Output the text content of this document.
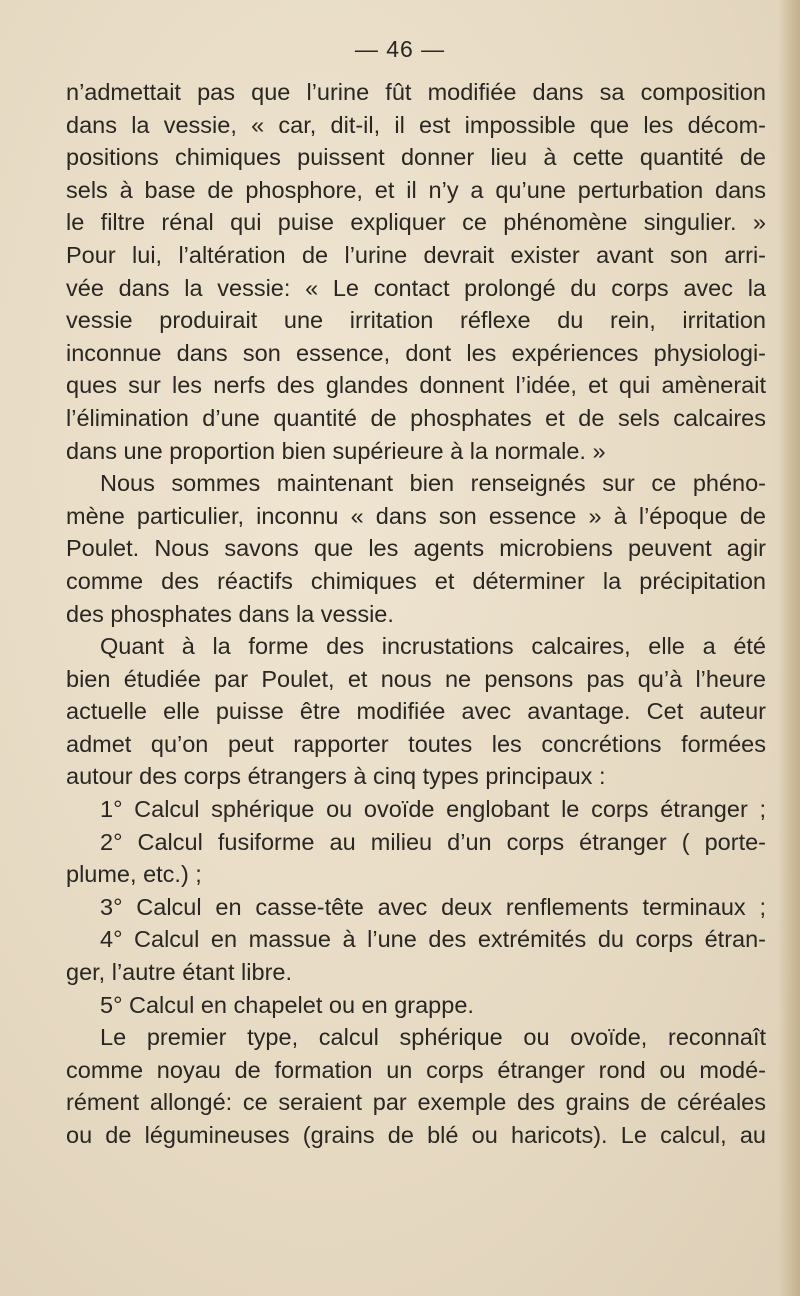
— 46 —
n’admettait pas que l’urine fût modifiée dans sa composition
dans la vessie, « car, dit-il, il est impossible que les décom-
positions chimiques puissent donner lieu à cette quantité de
sels à base de phosphore, et il n’y a qu’une perturbation dans
le filtre rénal qui puise expliquer ce phénomène singulier. »
Pour lui, l’altération de l’urine devrait exister avant son arri-
vée dans la vessie: « Le contact prolongé du corps avec la
vessie produirait une irritation réflexe du rein, irritation
inconnue dans son essence, dont les expériences physiologi-
ques sur les nerfs des glandes donnent l’idée, et qui amènerait
l’élimination d’une quantité de phosphates et de sels calcaires
dans une proportion bien supérieure à la normale. »
Nous sommes maintenant bien renseignés sur ce phéno-
mène particulier, inconnu « dans son essence » à l’époque de
Poulet. Nous savons que les agents microbiens peuvent agir
comme des réactifs chimiques et déterminer la précipitation
des phosphates dans la vessie.
Quant à la forme des incrustations calcaires, elle a été
bien étudiée par Poulet, et nous ne pensons pas qu’à l’heure
actuelle elle puisse être modifiée avec avantage. Cet auteur
admet qu’on peut rapporter toutes les concrétions formées
autour des corps étrangers à cinq types principaux :
1° Calcul sphérique ou ovoïde englobant le corps étranger ;
2° Calcul fusiforme au milieu d’un corps étranger ( porte-
plume, etc.) ;
3° Calcul en casse-tête avec deux renflements terminaux ;
4° Calcul en massue à l’une des extrémités du corps étran-
ger, l’autre étant libre.
5° Calcul en chapelet ou en grappe.
Le premier type, calcul sphérique ou ovoïde, reconnaît
comme noyau de formation un corps étranger rond ou modé-
rément allongé: ce seraient par exemple des grains de céréales
ou de légumineuses (grains de blé ou haricots). Le calcul, au
